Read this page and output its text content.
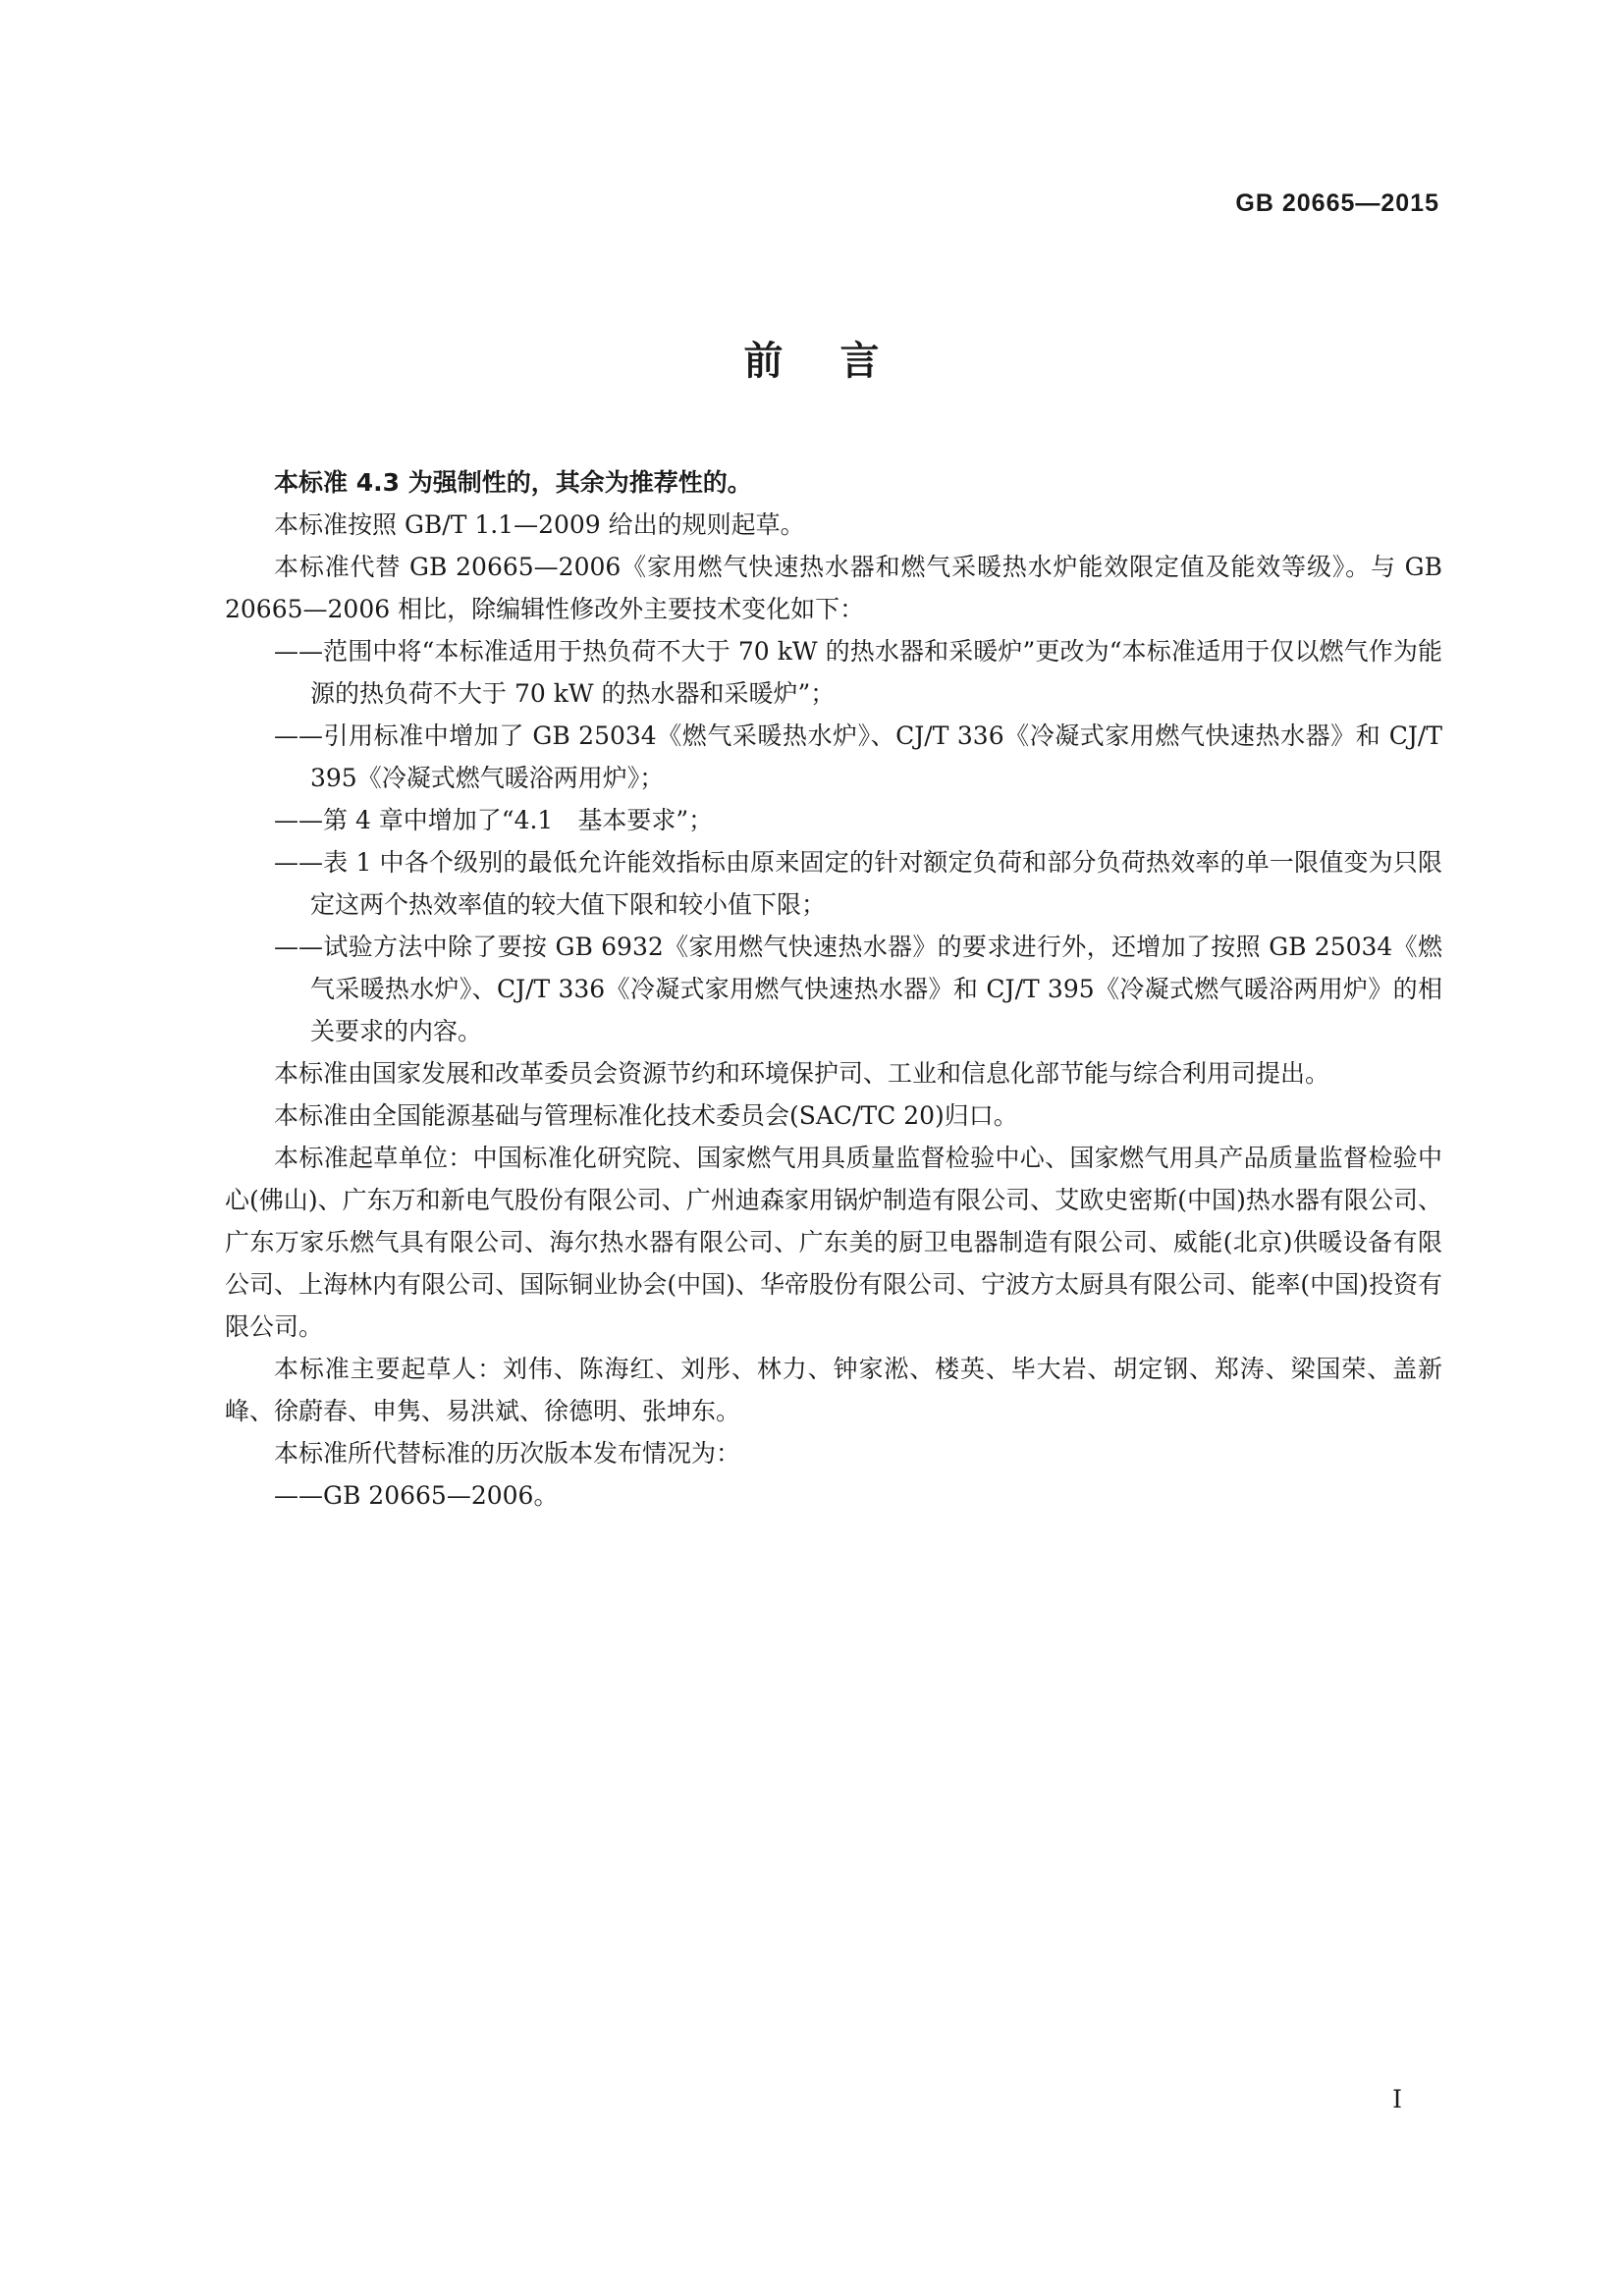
GB 20665—2015
前言

本标准 4.3 为强制性的，其余为推荐性的。

本标准按照 GB/T 1.1—2009 给出的规则起草。

本标准代替 GB 20665—2006《家用燃气快速热水器和燃气采暖热水炉能效限定值及能效等级》。与 GB 20665—2006 相比，除编辑性修改外主要技术变化如下：

——范围中将“本标准适用于热负荷不大于 70 kW 的热水器和采暖炉”更改为“本标准适用于仅以燃气作为能源的热负荷不大于 70 kW 的热水器和采暖炉”；

——引用标准中增加了 GB 25034《燃气采暖热水炉》、CJ/T 336《冷凝式家用燃气快速热水器》和 CJ/T 395《冷凝式燃气暖浴两用炉》；

——第 4 章中增加了“4.1　基本要求”；

——表 1 中各个级别的最低允许能效指标由原来固定的针对额定负荷和部分负荷热效率的单一限值变为只限定这两个热效率值的较大值下限和较小值下限；

——试验方法中除了要按 GB 6932《家用燃气快速热水器》的要求进行外，还增加了按照 GB 25034《燃气采暖热水炉》、CJ/T 336《冷凝式家用燃气快速热水器》和 CJ/T 395《冷凝式燃气暖浴两用炉》的相关要求的内容。

本标准由国家发展和改革委员会资源节约和环境保护司、工业和信息化部节能与综合利用司提出。

本标准由全国能源基础与管理标准化技术委员会(SAC/TC 20)归口。

本标准起草单位：中国标准化研究院、国家燃气用具质量监督检验中心、国家燃气用具产品质量监督检验中心(佛山)、广东万和新电气股份有限公司、广州迪森家用锅炉制造有限公司、艾欧史密斯(中国)热水器有限公司、广东万家乐燃气具有限公司、海尔热水器有限公司、广东美的厨卫电器制造有限公司、威能(北京)供暖设备有限公司、上海林内有限公司、国际铜业协会(中国)、华帝股份有限公司、宁波方太厨具有限公司、能率(中国)投资有限公司。

本标准主要起草人：刘伟、陈海红、刘彤、林力、钟家淞、楼英、毕大岩、胡定钢、郑涛、梁国荣、盖新峰、徐蔚春、申隽、易洪斌、徐德明、张坤东。

本标准所代替标准的历次版本发布情况为：

——GB 20665—2006。

I
